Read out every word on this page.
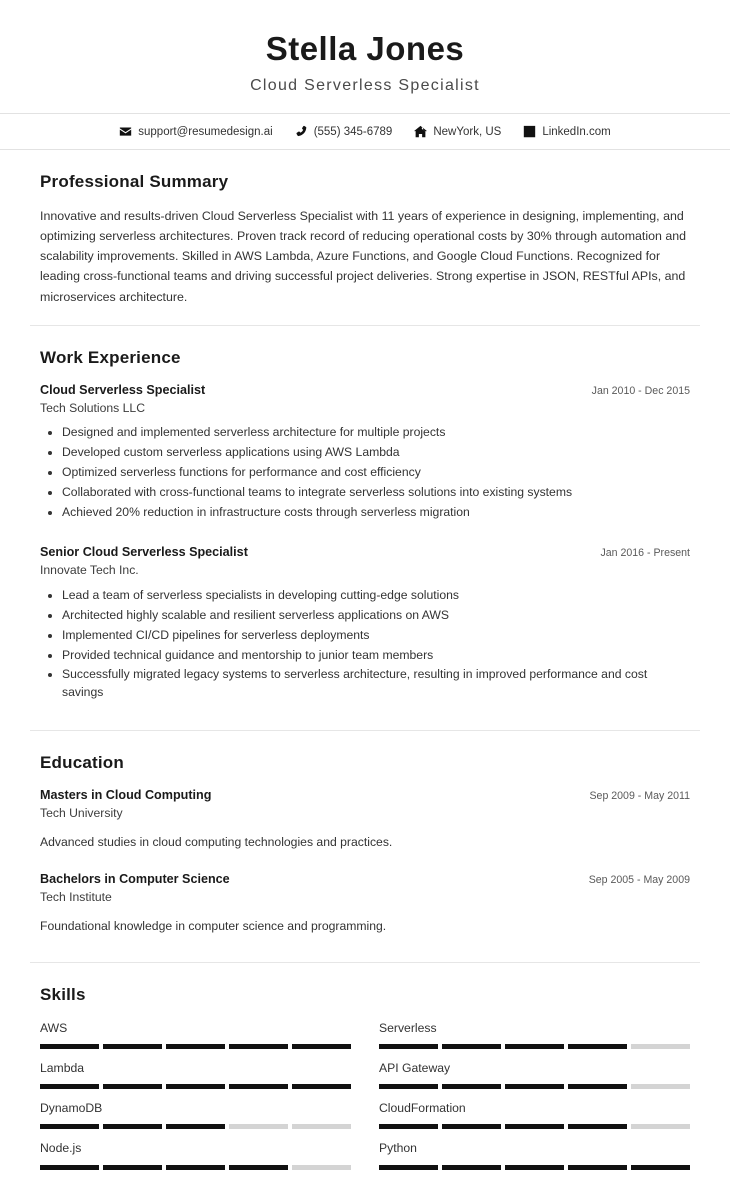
Stella Jones

Cloud Serverless Specialist

support@resumedesign.ai	(555) 345-6789	NewYork, US	LinkedIn.com
Professional Summary

Innovative and results-driven Cloud Serverless Specialist with 11 years of experience in designing, implementing, and optimizing serverless architectures. Proven track record of reducing operational costs by 30% through automation and scalability improvements. Skilled in AWS Lambda, Azure Functions, and Google Cloud Functions. Recognized for leading cross-functional teams and driving successful project deliveries. Strong expertise in JSON, RESTful APIs, and microservices architecture.

Work Experience
Cloud Serverless Specialist	Jan 2010 - Dec 2015
Tech Solutions LLC
• Designed and implemented serverless architecture for multiple projects
• Developed custom serverless applications using AWS Lambda
• Optimized serverless functions for performance and cost efficiency
• Collaborated with cross-functional teams to integrate serverless solutions into existing systems
• Achieved 20% reduction in infrastructure costs through serverless migration
Senior Cloud Serverless Specialist	Jan 2016 - Present
Innovate Tech Inc.
• Lead a team of serverless specialists in developing cutting-edge solutions
• Architected highly scalable and resilient serverless applications on AWS
• Implemented CI/CD pipelines for serverless deployments
• Provided technical guidance and mentorship to junior team members
• Successfully migrated legacy systems to serverless architecture, resulting in improved performance and cost savings
Education
Masters in Cloud Computing	Sep 2009 - May 2011
Tech University

Advanced studies in cloud computing technologies and practices.

Bachelors in Computer Science	Sep 2005 - May 2009
Tech Institute

Foundational knowledge in computer science and programming.

Skills
AWS	Serverless
Lambda	API Gateway
DynamoDB	CloudFormation
Node.js	Python
